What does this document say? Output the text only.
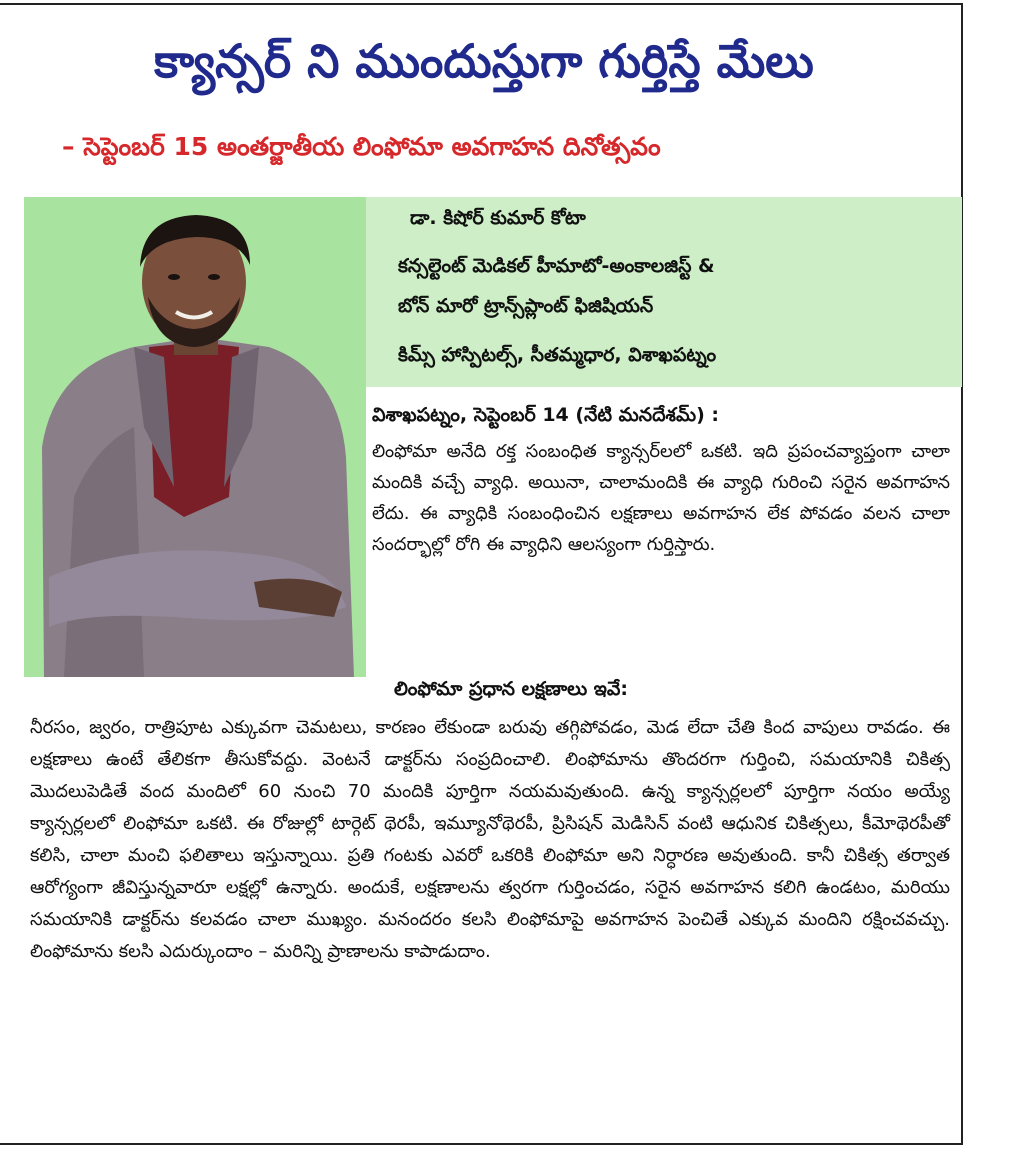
క్యాన్సర్ ని ముందుస్తుగా గుర్తిస్తే మేలు
– సెప్టెంబర్ 15 అంతర్జాతీయ లింఫోమా అవగాహన దినోత్సవం
డా. కిషోర్ కుమార్ కోటా
కన్సల్టెంట్ మెడికల్ హీమాటో-అంకాలజిస్ట్ &
బోన్ మారో ట్రాన్స్‌ప్లాంట్ ఫిజిషియన్
కిమ్స్ హాస్పిటల్స్, సీతమ్మధార, విశాఖపట్నం
విశాఖపట్నం, సెప్టెంబర్ 14 (నేటి మనదేశమ్) :

లింఫోమా అనేది రక్త సంబంధిత క్యాన్సర్‌లలో ఒకటి. ఇది ప్రపంచవ్యాప్తంగా చాలా మందికి వచ్చే వ్యాధి. అయినా, చాలామందికి ఈ వ్యాధి గురించి సరైన అవగాహన లేదు. ఈ వ్యాధికి సంబంధించిన లక్షణాలు అవగాహన లేక పోవడం వలన చాలా సందర్భాల్లో రోగి ఈ వ్యాధిని ఆలస్యంగా గుర్తిస్తారు.

లింఫోమా ప్రధాన లక్షణాలు ఇవే:

నీరసం, జ్వరం, రాత్రిపూట ఎక్కువగా చెమటలు, కారణం లేకుండా బరువు తగ్గిపోవడం, మెడ లేదా చేతి కింద వాపులు రావడం. ఈ లక్షణాలు ఉంటే తేలికగా తీసుకోవద్దు. వెంటనే డాక్టర్‌ను సంప్రదించాలి. లింఫోమాను తొందరగా గుర్తించి, సమయానికి చికిత్స మొదలుపెడితే వంద మందిలో 60 నుంచి 70 మందికి పూర్తిగా నయమవుతుంది. ఉన్న క్యాన్సర్లలలో పూర్తిగా నయం అయ్యే క్యాన్సర్లలలో లింఫోమా ఒకటి. ఈ రోజుల్లో టార్గెట్ థెరపీ, ఇమ్యూనోథెరపీ, ప్రిసిషన్ మెడిసిన్ వంటి ఆధునిక చికిత్సలు, కీమోథెరపీతో కలిసి, చాలా మంచి ఫలితాలు ఇస్తున్నాయి. ప్రతి గంటకు ఎవరో ఒకరికి లింఫోమా అని నిర్ధారణ అవుతుంది. కానీ చికిత్స తర్వాత ఆరోగ్యంగా జీవిస్తున్నవారూ లక్షల్లో ఉన్నారు. అందుకే, లక్షణాలను త్వరగా గుర్తించడం, సరైన అవగాహన కలిగి ఉండటం, మరియు సమయానికి డాక్టర్‌ను కలవడం చాలా ముఖ్యం. మనందరం కలసి లింఫోమాపై అవగాహన పెంచితే ఎక్కువ మందిని రక్షించవచ్చు. లింఫోమాను కలసి ఎదుర్కుందాం – మరిన్ని ప్రాణాలను కాపాడుదాం.
